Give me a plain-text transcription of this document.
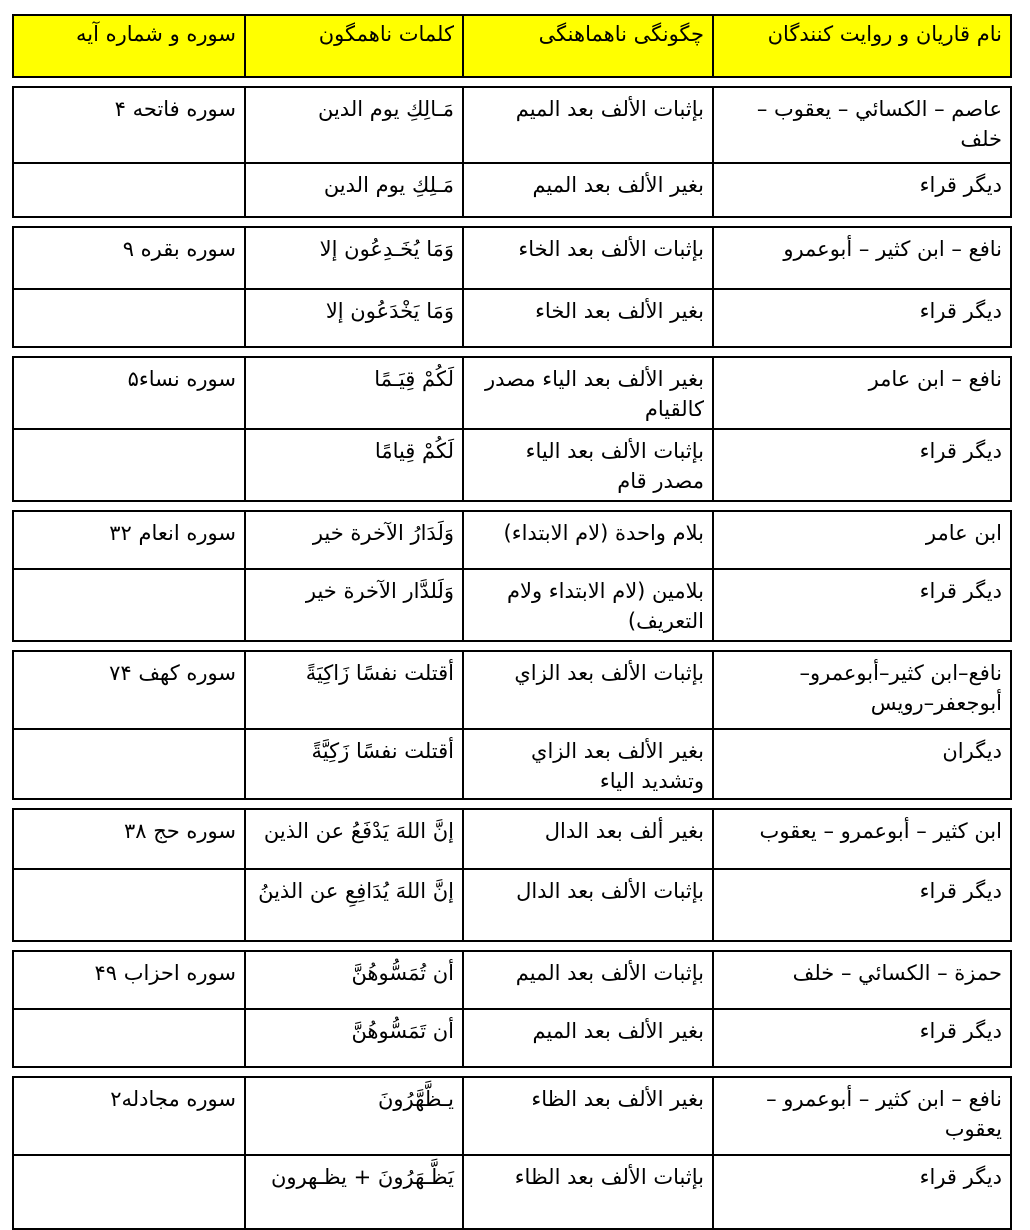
نام قاریان و روایت کنندگان
چگونگی ناهماهنگی
کلمات ناهمگون
سوره و شماره آیه
عاصم – الکسائي – يعقوب – خلف
بإثبات الألف بعد الميم
مَـالِكِ يوم الدين
سوره فاتحه ۴
ديگر قراء
بغير الألف بعد الميم
مَـلِكِ يوم الدين
نافع – ابن کثير – أبوعمرو
بإثبات الألف بعد الخاء
وَمَا يُخَـدِعُون إلا
سوره بقره ۹
ديگر قراء
بغير الألف بعد الخاء
وَمَا يَخْدَعُون إلا
نافع – ابن عامر
بغير الألف بعد الياء مصدر کالقيام
لَكُمْ قِيَـمًا
سوره نساء۵
ديگر قراء
بإثبات الألف بعد الياء مصدر قام
لَكُمْ قِيامًا
ابن عامر
بلام واحدة (لام الابتداء)
وَلَدَارُ الآخرة خير
سوره انعام ۳۲
ديگر قراء
بلامين (لام الابتداء ولام التعريف)
وَلَلدَّار الآخرة خير
نافع–ابن کثير–أبوعمرو– أبوجعفر–رويس
بإثبات الألف بعد الزاي
أقتلت نفسًا زَاكِيَةً
سوره کهف ۷۴
ديگران
بغير الألف بعد الزاي وتشديد الياء
أقتلت نفسًا زَكِيَّةً
ابن کثير – أبوعمرو – يعقوب
بغير ألف بعد الدال
إنَّ اللهَ يَدْفَعُ عن الذين
سوره حج ۳۸
ديگر قراء
بإثبات الألف بعد الدال
إنَّ اللهَ يُدَافِعِ عن الذينُ
حمزة – الكسائي – خلف
بإثبات الألف بعد الميم
أن تُمَسُّوهُنَّ
سوره احزاب ۴۹
ديگر قراء
بغير الألف بعد الميم
أن تَمَسُّوهُنَّ
نافع – ابن کثير – أبوعمرو – يعقوب
بغير الألف بعد الظاء
يـظَّهَّرُونَ
سوره مجادله۲
ديگر قراء
بإثبات الألف بعد الظاء
يَظَّـهَرُونَ + يظـهرون
